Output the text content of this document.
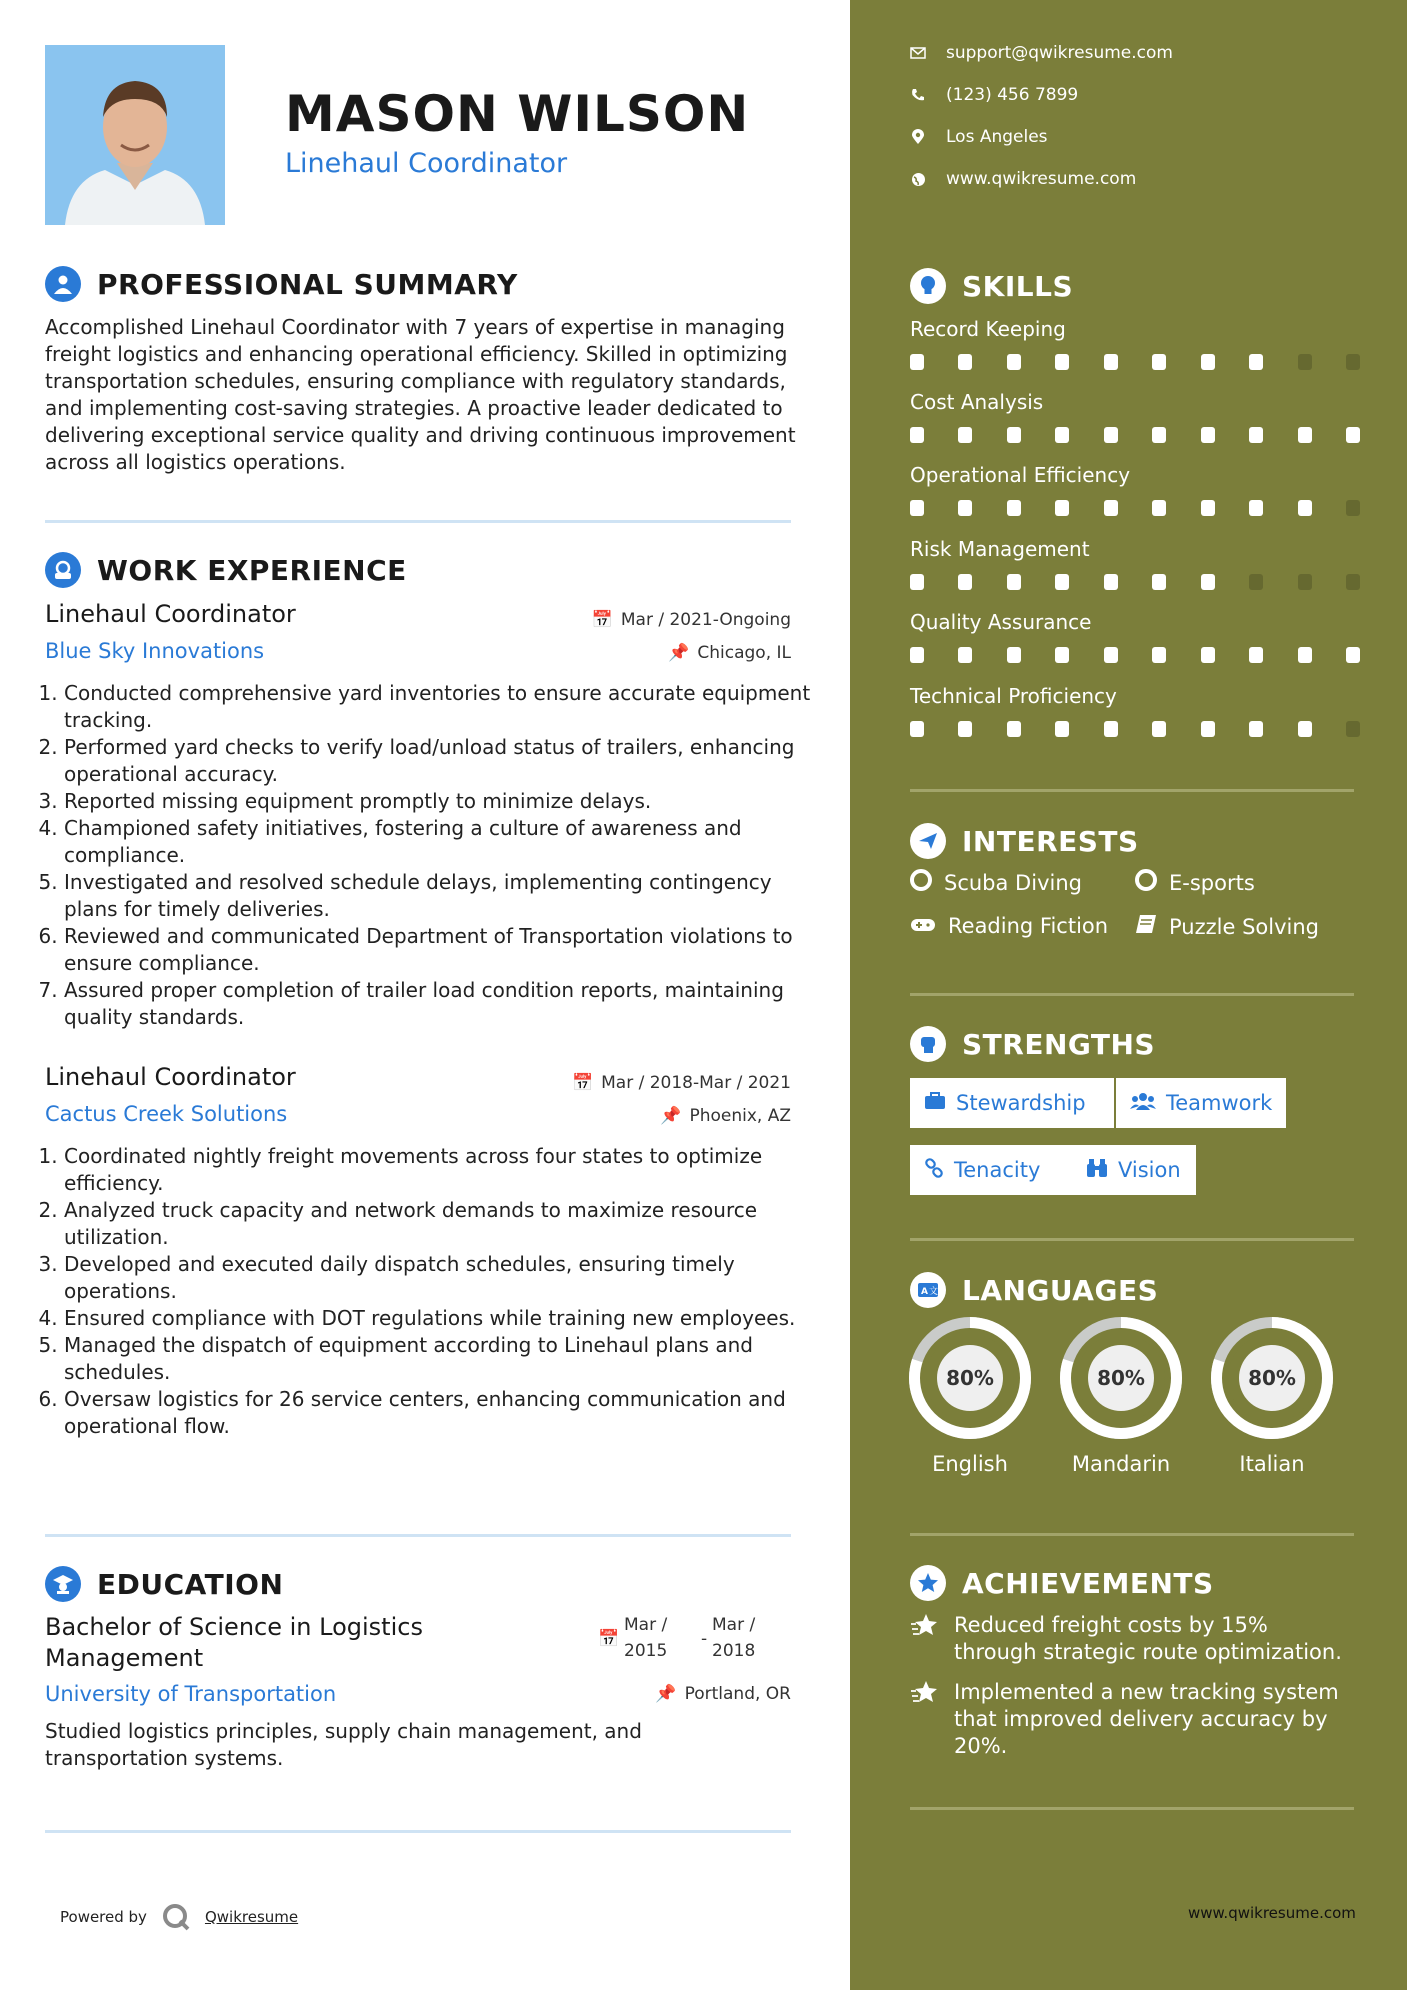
MASON WILSON
Linehaul Coordinator
PROFESSIONAL SUMMARY
Accomplished Linehaul Coordinator with 7 years of expertise in managing freight logistics and enhancing operational efficiency. Skilled in optimizing transportation schedules, ensuring compliance with regulatory standards, and implementing cost-saving strategies. A proactive leader dedicated to delivering exceptional service quality and driving continuous improvement across all logistics operations.
WORK EXPERIENCE
Linehaul Coordinator	📅 Mar / 2021-Ongoing
Blue Sky Innovations	📌 Chicago, IL
1. Conducted comprehensive yard inventories to ensure accurate equipment tracking.
2. Performed yard checks to verify load/unload status of trailers, enhancing operational accuracy.
3. Reported missing equipment promptly to minimize delays.
4. Championed safety initiatives, fostering a culture of awareness and compliance.
5. Investigated and resolved schedule delays, implementing contingency plans for timely deliveries.
6. Reviewed and communicated Department of Transportation violations to ensure compliance.
7. Assured proper completion of trailer load condition reports, maintaining quality standards.
Linehaul Coordinator	📅 Mar / 2018-Mar / 2021
Cactus Creek Solutions	📌 Phoenix, AZ
1. Coordinated nightly freight movements across four states to optimize efficiency.
2. Analyzed truck capacity and network demands to maximize resource utilization.
3. Developed and executed daily dispatch schedules, ensuring timely operations.
4. Ensured compliance with DOT regulations while training new employees.
5. Managed the dispatch of equipment according to Linehaul plans and schedules.
6. Oversaw logistics for 26 service centers, enhancing communication and operational flow.
EDUCATION
Bachelor of Science in Logistics Management
📅
Mar /
2015
-
Mar /
2018
University of Transportation	📌 Portland, OR
Studied logistics principles, supply chain management, and transportation systems.
Powered by	Qwikresume
support@qwikresume.com
(123) 456 7899
Los Angeles
www.qwikresume.com
SKILLS
Record Keeping
Cost Analysis
Operational Efficiency
Risk Management
Quality Assurance
Technical Proficiency
INTERESTS
Scuba Diving	E-sports
Reading Fiction	Puzzle Solving
STRENGTHS
Stewardship	Teamwork
Tenacity	Vision
A 文 LANGUAGES
80%
English
80%
Mandarin
80%
Italian
ACHIEVEMENTS
Reduced freight costs by 15% through strategic route optimization.
Implemented a new tracking system that improved delivery accuracy by 20%.
www.qwikresume.com
